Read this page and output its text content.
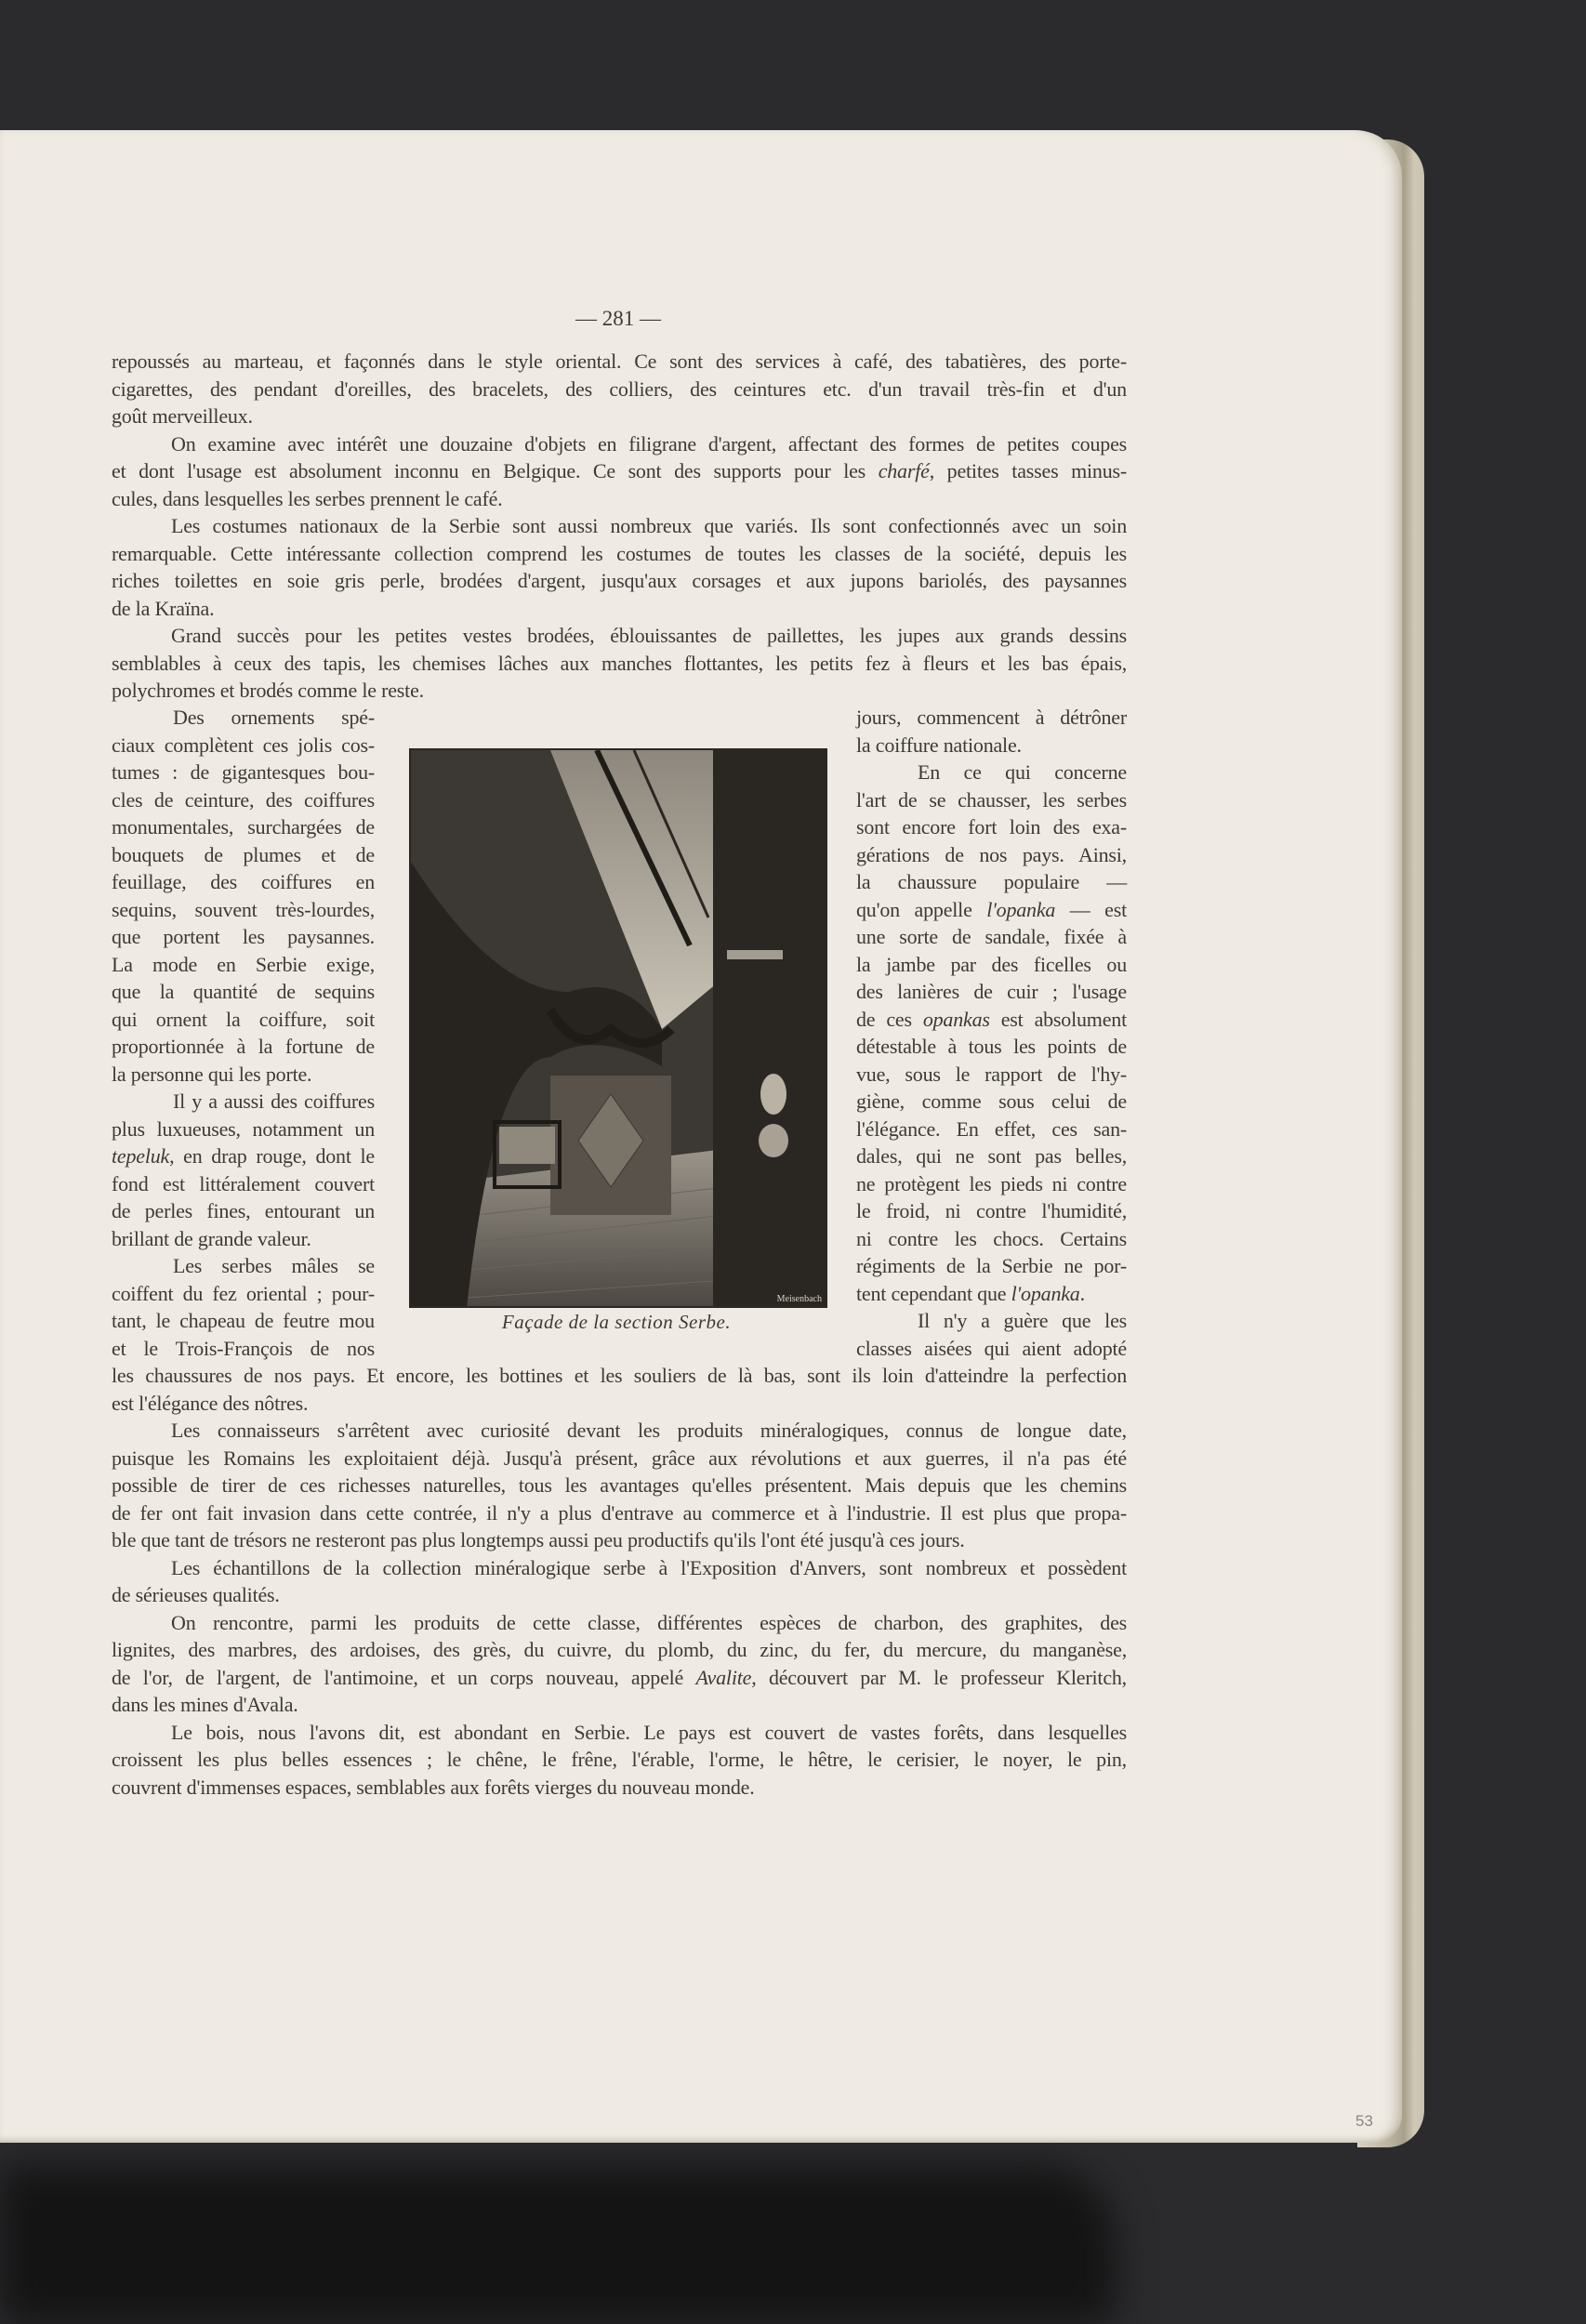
— 281 —
repoussés au marteau, et façonnés dans le style oriental. Ce sont des services à café, des tabatières, des porte-
cigarettes, des pendant d'oreilles, des bracelets, des colliers, des ceintures etc. d'un travail très-fin et d'un
goût merveilleux.
On examine avec intérêt une douzaine d'objets en filigrane d'argent, affectant des formes de petites coupes
et dont l'usage est absolument inconnu en Belgique. Ce sont des supports pour les charfé, petites tasses minus-
cules, dans lesquelles les serbes prennent le café.
Les costumes nationaux de la Serbie sont aussi nombreux que variés. Ils sont confectionnés avec un soin
remarquable. Cette intéressante collection comprend les costumes de toutes les classes de la société, depuis les
riches toilettes en soie gris perle, brodées d'argent, jusqu'aux corsages et aux jupons bariolés, des paysannes
de la Kraïna.
Grand succès pour les petites vestes brodées, éblouissantes de paillettes, les jupes aux grands dessins
semblables à ceux des tapis, les chemises lâches aux manches flottantes, les petits fez à fleurs et les bas épais,
polychromes et brodés comme le reste.
Des ornements spé-
ciaux complètent ces jolis cos-
tumes : de gigantesques bou-
cles de ceinture, des coiffures
monumentales, surchargées de
bouquets de plumes et de
feuillage, des coiffures en
sequins, souvent très-lourdes,
que portent les paysannes.
La mode en Serbie exige,
que la quantité de sequins
qui ornent la coiffure, soit
proportionnée à la fortune de
la personne qui les porte.
Il y a aussi des coiffures
plus luxueuses, notamment un
tepeluk, en drap rouge, dont le
fond est littéralement couvert
de perles fines, entourant un
brillant de grande valeur.
Les serbes mâles se
coiffent du fez oriental ; pour-
tant, le chapeau de feutre mou
et le Trois-François de nos
Meisenbach
Façade de la section Serbe.
jours, commencent à détrôner
la coiffure nationale.
En ce qui concerne
l'art de se chausser, les serbes
sont encore fort loin des exa-
gérations de nos pays. Ainsi,
la chaussure populaire —
qu'on appelle l'opanka — est
une sorte de sandale, fixée à
la jambe par des ficelles ou
des lanières de cuir ; l'usage
de ces opankas est absolument
détestable à tous les points de
vue, sous le rapport de l'hy-
giène, comme sous celui de
l'élégance. En effet, ces san-
dales, qui ne sont pas belles,
ne protègent les pieds ni contre
le froid, ni contre l'humidité,
ni contre les chocs. Certains
régiments de la Serbie ne por-
tent cependant que l'opanka.
Il n'y a guère que les
classes aisées qui aient adopté
les chaussures de nos pays. Et encore, les bottines et les souliers de là bas, sont ils loin d'atteindre la perfection
est l'élégance des nôtres.
Les connaisseurs s'arrêtent avec curiosité devant les produits minéralogiques, connus de longue date,
puisque les Romains les exploitaient déjà. Jusqu'à présent, grâce aux révolutions et aux guerres, il n'a pas été
possible de tirer de ces richesses naturelles, tous les avantages qu'elles présentent. Mais depuis que les chemins
de fer ont fait invasion dans cette contrée, il n'y a plus d'entrave au commerce et à l'industrie. Il est plus que propa-
ble que tant de trésors ne resteront pas plus longtemps aussi peu productifs qu'ils l'ont été jusqu'à ces jours.
Les échantillons de la collection minéralogique serbe à l'Exposition d'Anvers, sont nombreux et possèdent
de sérieuses qualités.
On rencontre, parmi les produits de cette classe, différentes espèces de charbon, des graphites, des
lignites, des marbres, des ardoises, des grès, du cuivre, du plomb, du zinc, du fer, du mercure, du manganèse,
de l'or, de l'argent, de l'antimoine, et un corps nouveau, appelé Avalite, découvert par M. le professeur Kleritch,
dans les mines d'Avala.
Le bois, nous l'avons dit, est abondant en Serbie. Le pays est couvert de vastes forêts, dans lesquelles
croissent les plus belles essences ; le chêne, le frêne, l'érable, l'orme, le hêtre, le cerisier, le noyer, le pin,
couvrent d'immenses espaces, semblables aux forêts vierges du nouveau monde.
53
